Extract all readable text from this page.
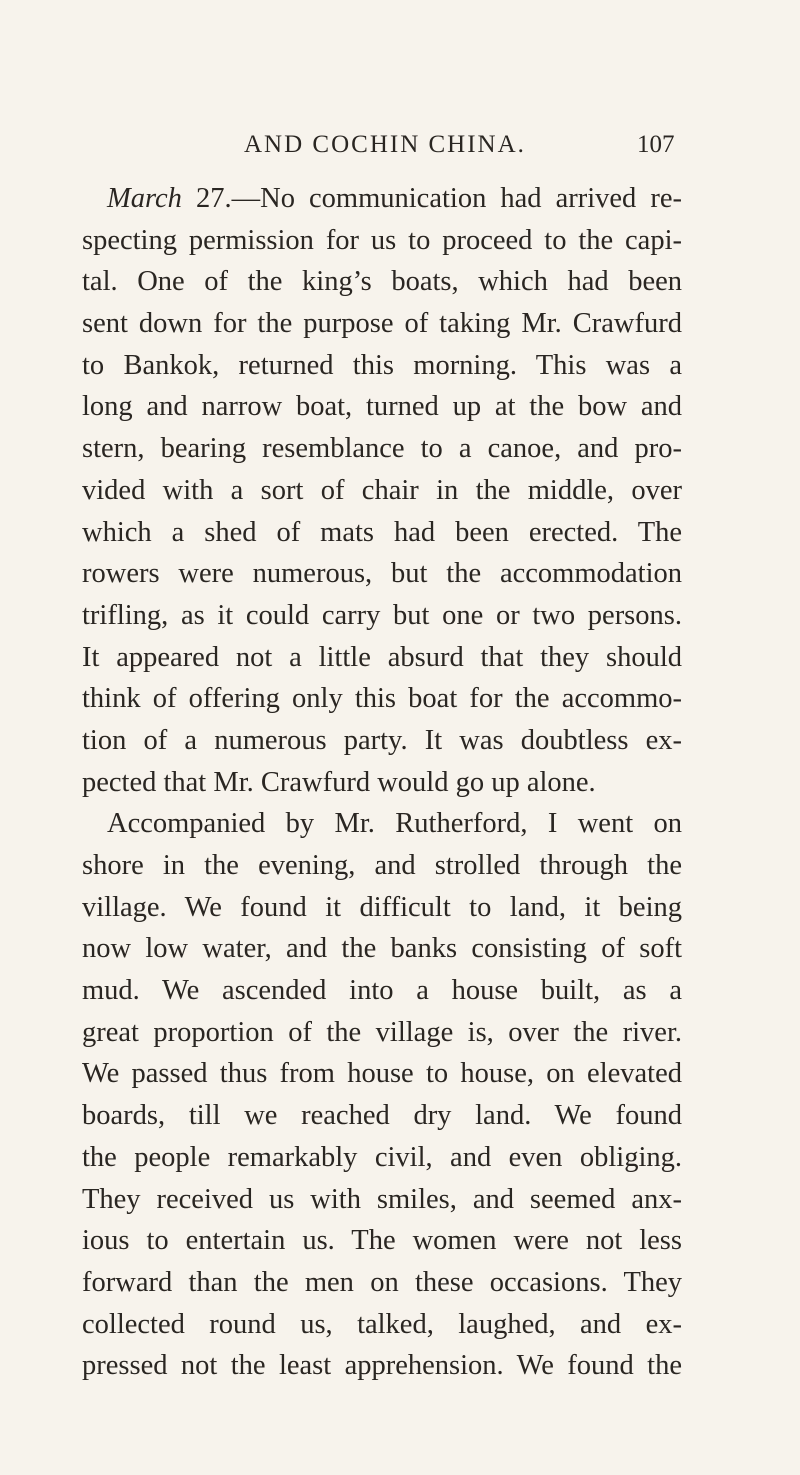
AND COCHIN CHINA.	107
March 27.—No communication had arrived re-
specting permission for us to proceed to the capi-
tal. One of the king’s boats, which had been
sent down for the purpose of taking Mr. Crawfurd
to Bankok, returned this morning. This was a
long and narrow boat, turned up at the bow and
stern, bearing resemblance to a canoe, and pro-
vided with a sort of chair in the middle, over
which a shed of mats had been erected. The
rowers were numerous, but the accommodation
trifling, as it could carry but one or two persons.
It appeared not a little absurd that they should
think of offering only this boat for the accommo-
tion of a numerous party. It was doubtless ex-
pected that Mr. Crawfurd would go up alone.
Accompanied by Mr. Rutherford, I went on
shore in the evening, and strolled through the
village. We found it difficult to land, it being
now low water, and the banks consisting of soft
mud. We ascended into a house built, as a
great proportion of the village is, over the river.
We passed thus from house to house, on elevated
boards, till we reached dry land. We found
the people remarkably civil, and even obliging.
They received us with smiles, and seemed anx-
ious to entertain us. The women were not less
forward than the men on these occasions. They
collected round us, talked, laughed, and ex-
pressed not the least apprehension. We found the
